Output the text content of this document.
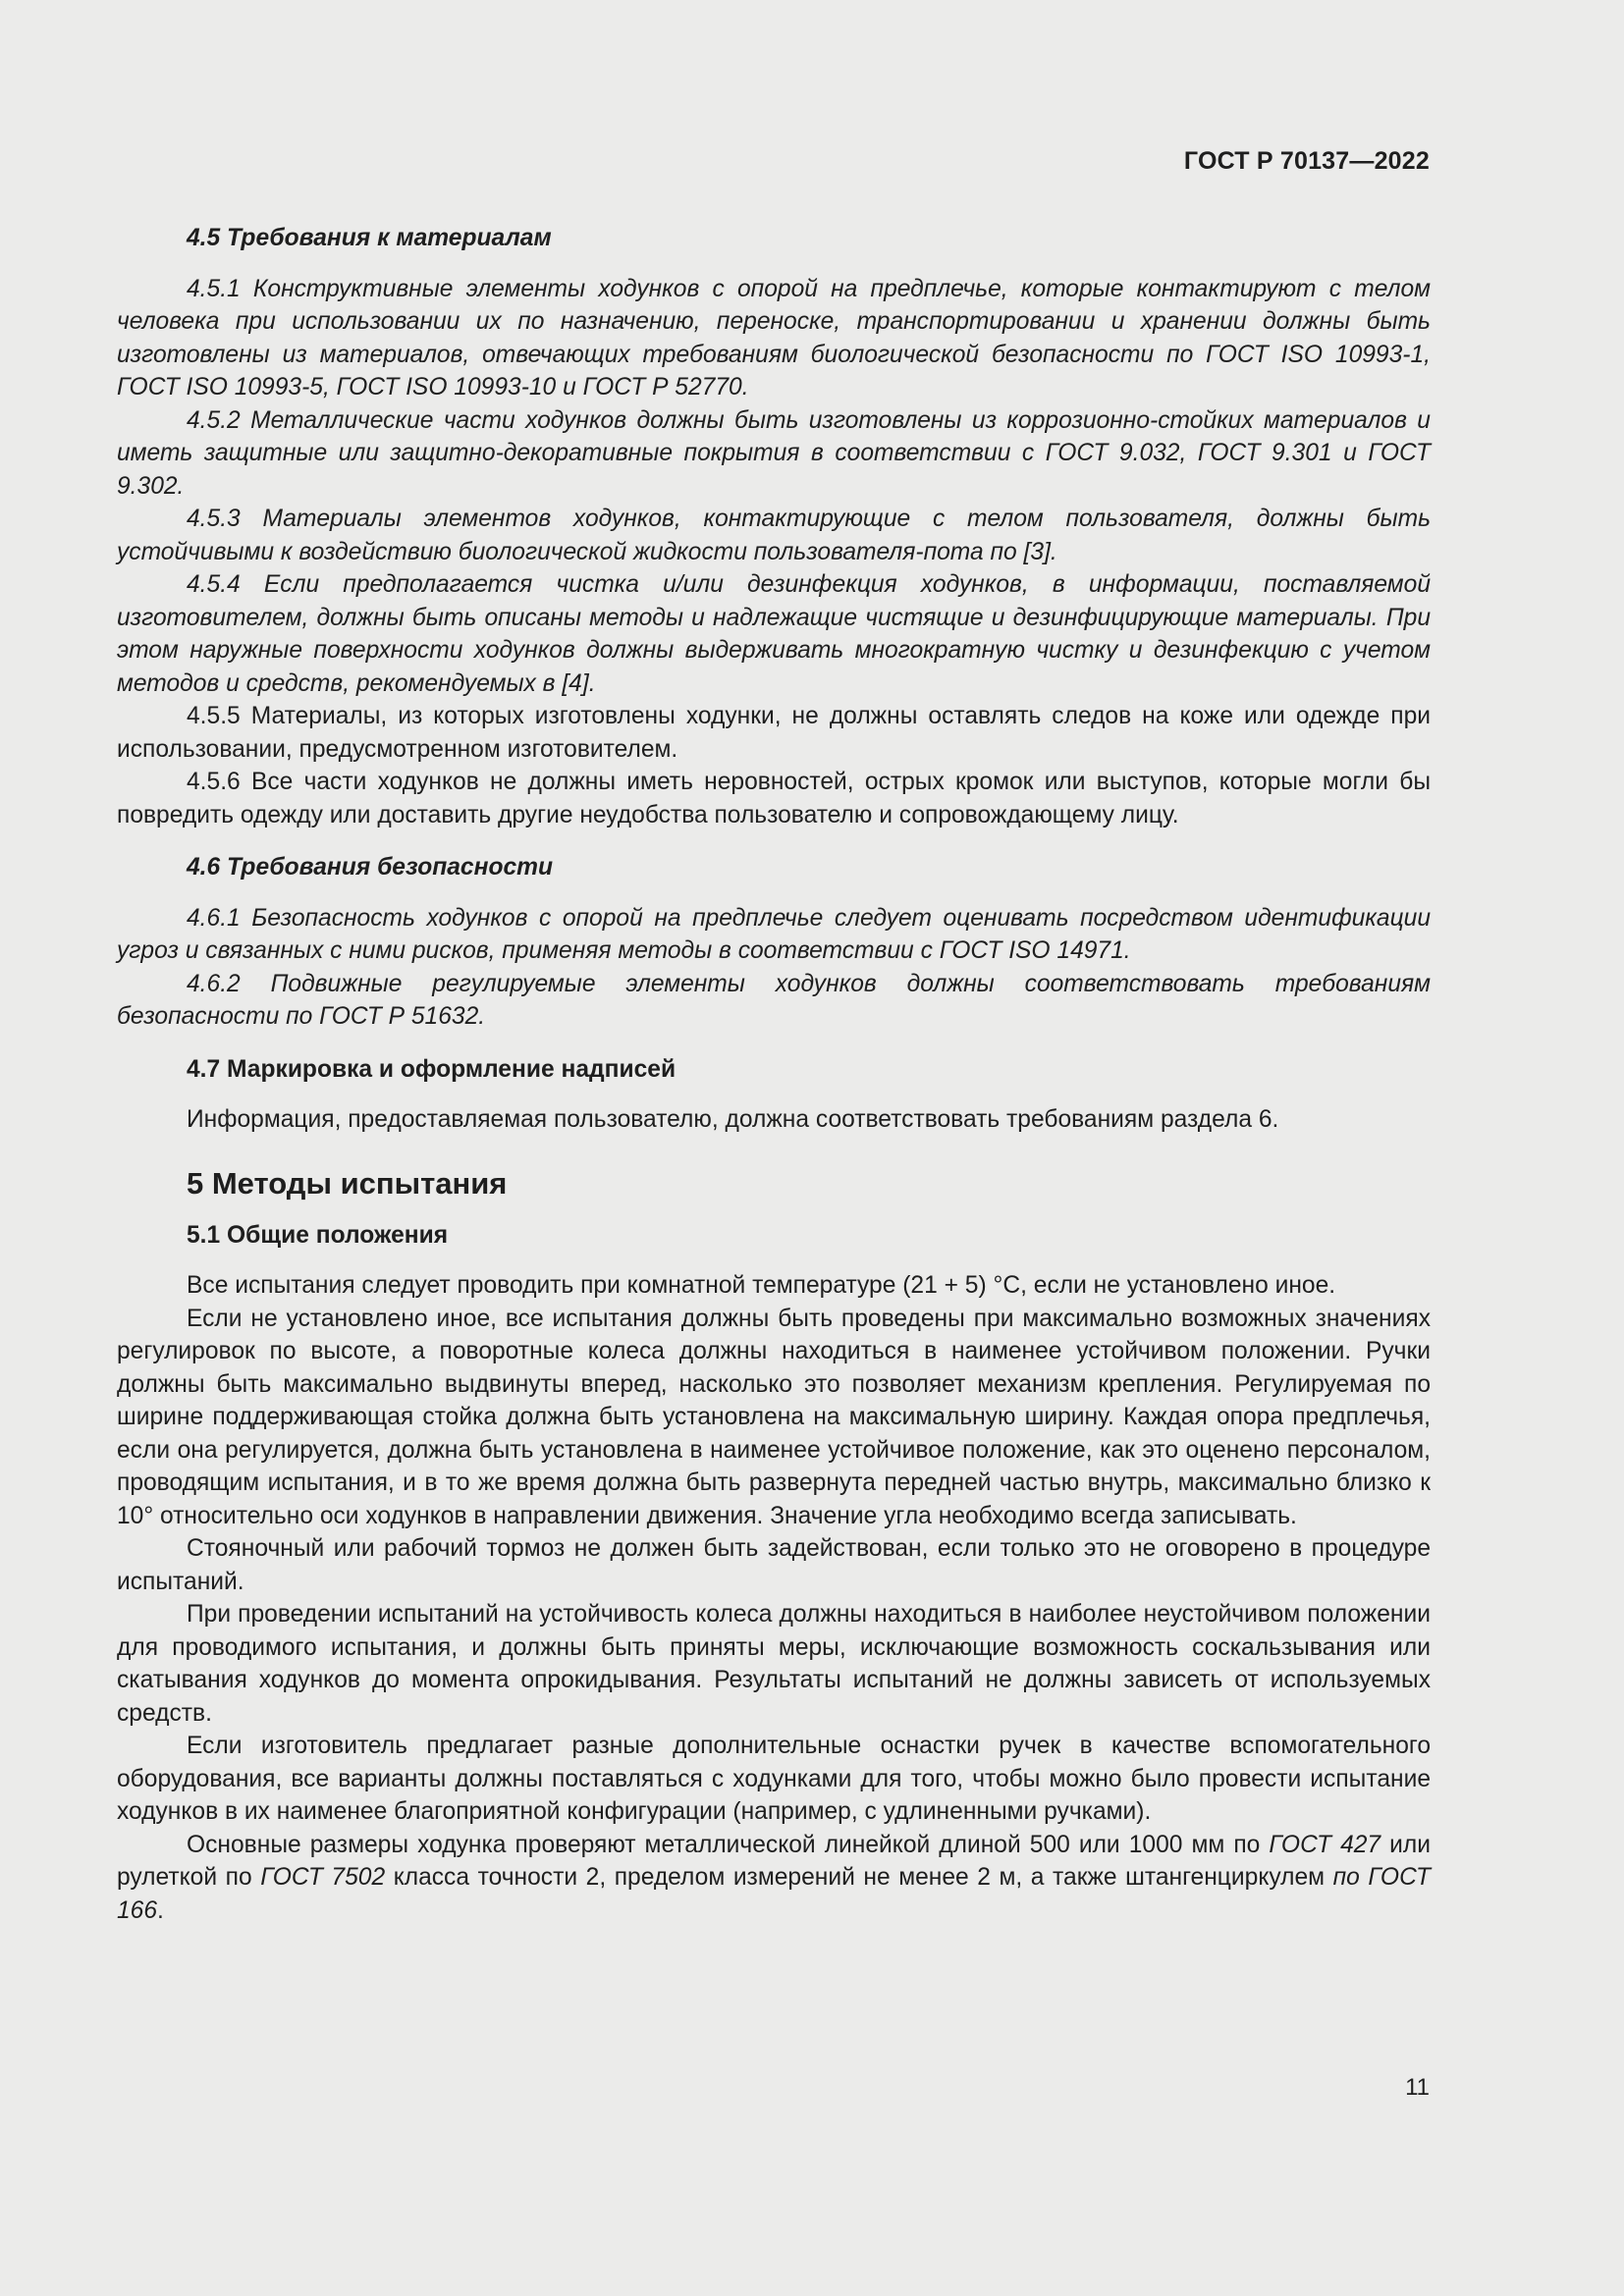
ГОСТ Р 70137—2022

4.5 Требования к материалам

4.5.1 Конструктивные элементы ходунков с опорой на предплечье, которые контактируют с телом человека при использовании их по назначению, переноске, транспортировании и хранении должны быть изготовлены из материалов, отвечающих требованиям биологической безопасности по ГОСТ ISO 10993-1, ГОСТ ISO 10993-5, ГОСТ ISO 10993-10 и ГОСТ Р 52770.

4.5.2 Металлические части ходунков должны быть изготовлены из коррозионно-стойких материалов и иметь защитные или защитно-декоративные покрытия в соответствии с ГОСТ 9.032, ГОСТ 9.301 и ГОСТ 9.302.

4.5.3 Материалы элементов ходунков, контактирующие с телом пользователя, должны быть устойчивыми к воздействию биологической жидкости пользователя-пота по [3].

4.5.4 Если предполагается чистка и/или дезинфекция ходунков, в информации, поставляемой изготовителем, должны быть описаны методы и надлежащие чистящие и дезинфицирующие материалы. При этом наружные поверхности ходунков должны выдерживать многократную чистку и дезинфекцию с учетом методов и средств, рекомендуемых в [4].

4.5.5 Материалы, из которых изготовлены ходунки, не должны оставлять следов на коже или одежде при использовании, предусмотренном изготовителем.

4.5.6 Все части ходунков не должны иметь неровностей, острых кромок или выступов, которые могли бы повредить одежду или доставить другие неудобства пользователю и сопровождающему лицу.

4.6 Требования безопасности

4.6.1 Безопасность ходунков с опорой на предплечье следует оценивать посредством идентификации угроз и связанных с ними рисков, применяя методы в соответствии с ГОСТ ISO 14971.

4.6.2 Подвижные регулируемые элементы ходунков должны соответствовать требованиям безопасности по ГОСТ Р 51632.

4.7 Маркировка и оформление надписей

Информация, предоставляемая пользователю, должна соответствовать требованиям раздела 6.

5 Методы испытания

5.1 Общие положения

Все испытания следует проводить при комнатной температуре (21 + 5) °С, если не установлено иное.

Если не установлено иное, все испытания должны быть проведены при максимально возможных значениях регулировок по высоте, а поворотные колеса должны находиться в наименее устойчивом положении. Ручки должны быть максимально выдвинуты вперед, насколько это позволяет механизм крепления. Регулируемая по ширине поддерживающая стойка должна быть установлена на максимальную ширину. Каждая опора предплечья, если она регулируется, должна быть установлена в наименее устойчивое положение, как это оценено персоналом, проводящим испытания, и в то же время должна быть развернута передней частью внутрь, максимально близко к 10° относительно оси ходунков в направлении движения. Значение угла необходимо всегда записывать.

Стояночный или рабочий тормоз не должен быть задействован, если только это не оговорено в процедуре испытаний.

При проведении испытаний на устойчивость колеса должны находиться в наиболее неустойчивом положении для проводимого испытания, и должны быть приняты меры, исключающие возможность соскальзывания или скатывания ходунков до момента опрокидывания. Результаты испытаний не должны зависеть от используемых средств.

Если изготовитель предлагает разные дополнительные оснастки ручек в качестве вспомогательного оборудования, все варианты должны поставляться с ходунками для того, чтобы можно было провести испытание ходунков в их наименее благоприятной конфигурации (например, с удлиненными ручками).

Основные размеры ходунка проверяют металлической линейкой длиной 500 или 1000 мм по ГОСТ 427 или рулеткой по ГОСТ 7502 класса точности 2, пределом измерений не менее 2 м, а также штангенциркулем по ГОСТ 166.

11
